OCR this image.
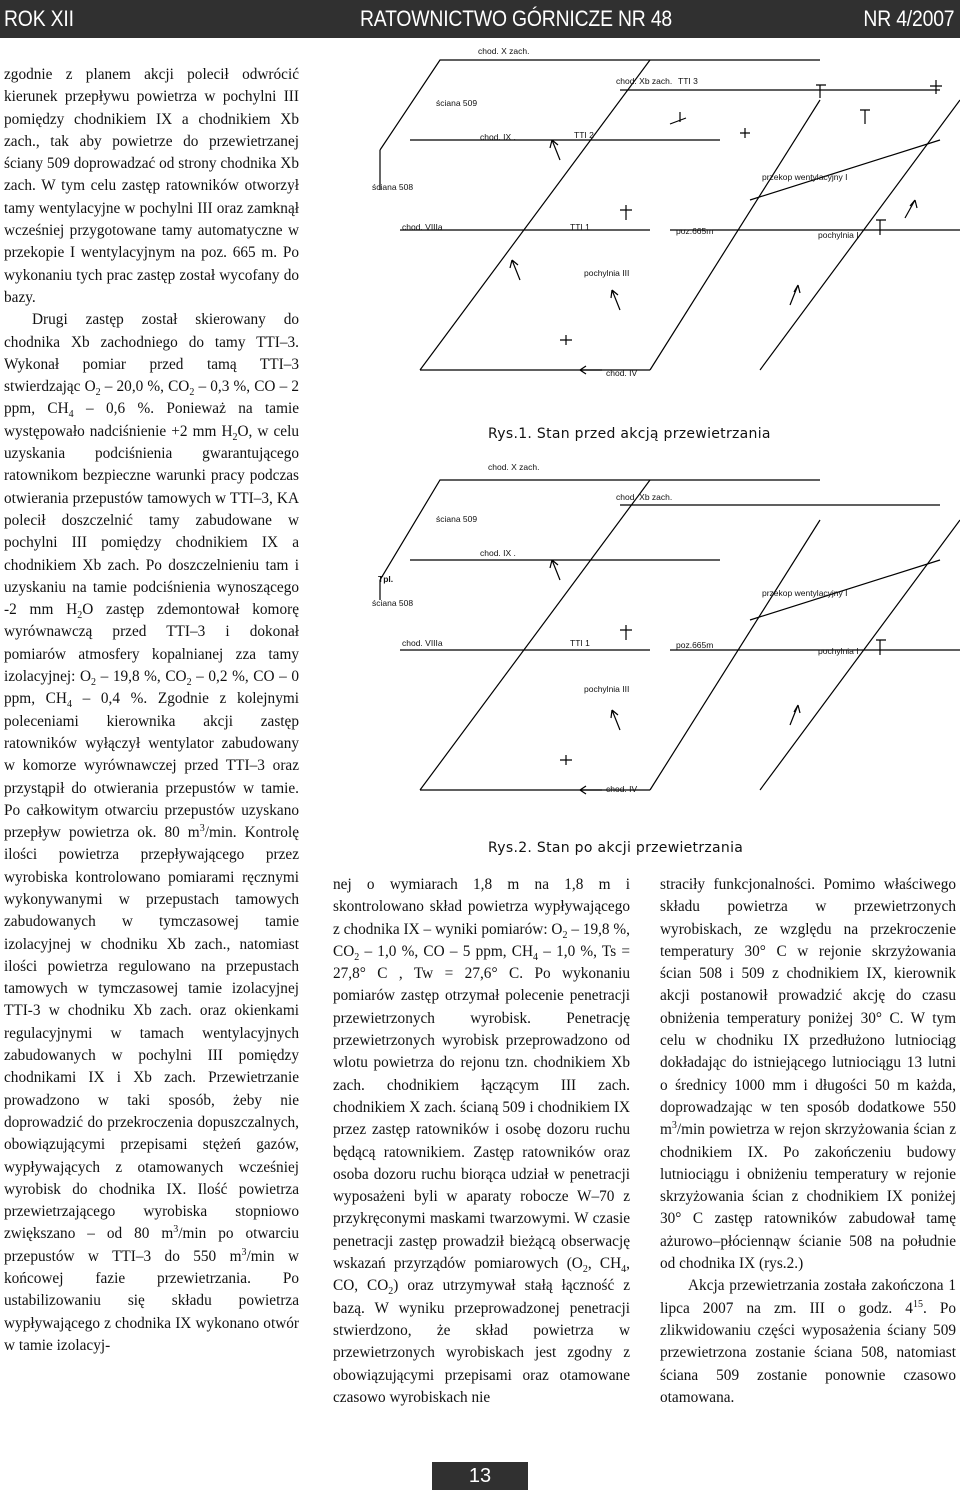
ROK XII	RATOWNICTWO GÓRNICZE NR 48	NR 4/2007

zgodnie z planem akcji polecił odwrócić kierunek przepływu powietrza w pochylni III pomiędzy chodnikiem IX a chodnikiem Xb zach., tak aby powietrze do przewietrzanej ściany 509 doprowadzać od strony chodnika Xb zach. W tym celu zastęp ratowników otworzył tamy wentylacyjne w pochylni III oraz zamknął wcześniej przygotowane tamy automatyczne w przekopie I wentylacyjnym na poz. 665 m. Po wykonaniu tych prac zastęp został wycofany do bazy.

Drugi zastęp został skierowany do chodnika Xb zachodniego do tamy TTI–3. Wykonał pomiar przed tamą TTI–3 stwierdzając $O_2 - 20,0$ %, $CO_2 - 0,3$ %, CO – 2 ppm, $CH_4 - 0,6$ %. Ponieważ na tamie występowało nadciśnienie +2 mm $H_2O$, w celu uzyskania podciśnienia gwarantującego ratownikom bezpieczne warunki pracy podczas otwierania przepustów tamowych w TTI–3, KA polecił doszczelnić tamy zabudowane w pochylni III pomiędzy chodnikiem IX a chodnikiem Xb zach. Po doszczelnieniu tam i uzyskaniu na tamie podciśnienia wynoszącego -2 mm $H_2O$ zastęp zdemontował komorę wyrównawczą przed TTI–3 i dokonał pomiarów atmosfery kopalnianej zza tamy izolacyjnej: $O_2 - 19,8$ %, $CO_2 - 0,2$ %, CO – 0 ppm, $CH_4 - 0,4$ %. Zgodnie z kolejnymi poleceniami kierownika akcji zastęp ratowników wyłączył wentylator zabudowany w komorze wyrównawczej przed TTI–3 oraz przystąpił do otwierania przepustów w tamie. Po całkowitym otwarciu przepustów uzyskano przepływ powietrza ok. 80 $m^3/\min$. Kontrolę ilości powietrza przepływającego przez wyrobiska kontrolowano pomiarami ręcznymi wykonywanymi w przepustach tamowych zabudowanych w tymczasowej tamie izolacyjnej w chodniku Xb zach., natomiast ilości powietrza regulowano na przepustach tamowych w tymczasowej tamie izolacyjnej TTI-3 w chodniku Xb zach. oraz okienkami regulacyjnymi w tamach wentylacyjnych zabudowanych w pochylni III pomiędzy chodnikami IX i Xb zach. Przewietrzanie prowadzono w taki sposób, żeby nie doprowadzić do przekroczenia dopuszczalnych, obowiązującymi przepisami stężeń gazów, wypływających z otamowanych wcześniej wyrobisk do chodnika IX. Ilość powietrza przewietrzającego wyrobiska stopniowo zwiększano – od 80 $m^3/\min$ po otwarciu przepustów w TTI–3 do 550 $m^3/\min$ w końcowej fazie przewietrzania. Po ustabilizowaniu się składu powietrza wypływającego z chodnika IX wykonano otwór w tamie izolacyj-

nej o wymiarach 1,8 m na 1,8 m i skontrolowano skład powietrza wypływającego z chodnika IX – wyniki pomiarów: $O_2 - 19,8$ %, $CO_2 - 1,0$ %, CO – 5 ppm, $CH_4 - 1,0$ %, Ts = 27,8° C , Tw = 27,6° C. Po wykonaniu pomiarów zastęp otrzymał polecenie penetracji przewietrzonych wyrobisk. Penetrację przewietrzonych wyrobisk przeprowadzono od wlotu powietrza do rejonu tzn. chodnikiem Xb zach. chodnikiem łączącym III zach. chodnikiem X zach. ścianą 509 i chodnikiem IX przez zastęp ratowników i osobę dozoru ruchu będącą ratownikiem. Zastęp ratowników oraz osoba dozoru ruchu biorąca udział w penetracji wyposażeni byli w aparaty robocze W–70 z przykręconymi maskami twarzowymi. W czasie penetracji zastęp prowadził bieżącą obserwację wskazań przyrządów pomiarowych ($O_2$, $CH_4$, CO, $CO_2$) oraz utrzymywał stałą łączność z bazą. W wyniku przeprowadzonej penetracji stwierdzono, że skład powietrza w przewietrzonych wyrobiskach jest zgodny z obowiązującymi przepisami oraz otamowane czasowo wyrobiskach nie

straciły funkcjonalności. Pomimo właściwego składu powietrza w przewietrzonych wyrobiskach, ze względu na przekroczenie temperatury 30° C w rejonie skrzyżowania ścian 508 i 509 z chodnikiem IX, kierownik akcji postanowił prowadzić akcję do czasu obniżenia temperatury poniżej 30° C. W tym celu w chodniku IX przedłużono lutniociąg dokładając do istniejącego lutniociągu 13 lutni o średnicy 1000 mm i długości 50 m każda, doprowadzając w ten sposób dodatkowe 550 $m^3/\min$ powietrza w rejon skrzyżowania ścian z chodnikiem IX. Po zakończeniu budowy lutniociągu i obniżeniu temperatury w rejonie skrzyżowania ścian z chodnikiem IX poniżej 30° C zastęp ratowników zabudował tamę ażurowo–płóciennąw ścianie 508 na południe od chodnika IX (rys.2.)

Akcja przewietrzania została zakończona 1 lipca 2007 na zm. III o godz. $4^{15}$. Po zlikwidowaniu części wyposażenia ściany 509 przewietrzona zostanie ściana 508, natomiast ściana 509 zostanie ponownie czasowo otamowana.

chod. X zach.
chod. Xb zach. TTI 3
ściana 509
chod. IX .	TTI 2
ściana 508
przekop wentylacyjny I
chod. VIIIa	TTI 1	poz.665m	pochylnia I
pochylnia III
chod. IV
Rys.1. Stan przed akcją przewietrzania
chod. X zach.
chod. Xb zach.
ściana 509
chod. IX .
Tpl.
ściana 508
przekop wentylacyjny I
chod. VIIIa	TTI 1	poz.665m
pochylnia I
pochylnia III
chod. IV
Rys.2. Stan po akcji przewietrzania
13
